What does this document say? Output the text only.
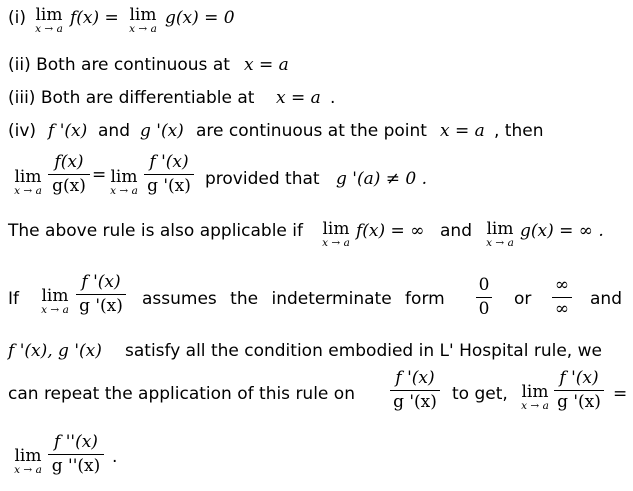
(i) lim
x → a
f(x) = lim
x → a
g(x) = 0
(ii) Both are continuous at x = a
(iii) Both are differentiable at x = a .
(iv) f '(x) and g '(x) are continuous at the point x = a , then
lim
x → a
f(x)
g(x)
= lim
x → a
f '(x)
g '(x) provided that g '(a) ≠ 0 .
The above rule is also applicable if lim
x → a
f(x) = ∞ and lim
x → a
g(x) = ∞ .
If lim
x → a
f '(x)
g '(x) assumes the indeterminate form
0
0
or
∞
∞
and
f '(x), g '(x) satisfy all the condition embodied in L' Hospital rule, we
can repeat the application of this rule on
f '(x)
g '(x) to get, lim
x → a
f '(x)
g '(x) =
lim
x → a
f ''(x)
g ''(x) .
